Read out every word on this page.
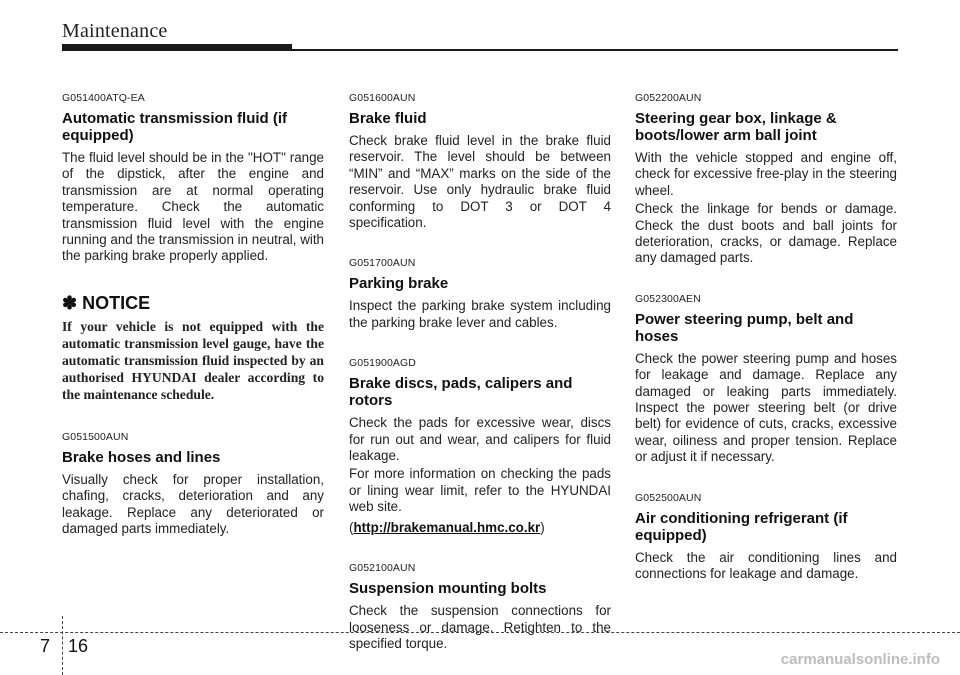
Maintenance

G051400ATQ-EA

Automatic transmission fluid (if equipped)

The fluid level should be in the "HOT" range of the dipstick, after the engine and transmission are at normal operating temperature. Check the automatic transmission fluid level with the engine running and the transmission in neutral, with the parking brake properly applied.

✽ NOTICE

If your vehicle is not equipped with the automatic transmission level gauge, have the automatic transmission fluid inspected by an authorised HYUNDAI dealer according to the maintenance schedule.

G051500AUN

Brake hoses and lines

Visually check for proper installation, chafing, cracks, deterioration and any leakage. Replace any deteriorated or damaged parts immediately.

G051600AUN

Brake fluid

Check brake fluid level in the brake fluid reservoir. The level should be between “MIN” and “MAX” marks on the side of the reservoir. Use only hydraulic brake fluid conforming to DOT 3 or DOT 4 specification.

G051700AUN

Parking brake

Inspect the parking brake system including the parking brake lever and cables.

G051900AGD

Brake discs, pads, calipers and rotors

Check the pads for excessive wear, discs for run out and wear, and calipers for fluid leakage.

For more information on checking the pads or lining wear limit, refer to the HYUNDAI web site.

(http://brakemanual.hmc.co.kr)

G052100AUN

Suspension mounting bolts

Check the suspension connections for looseness or damage. Retighten to the specified torque.

G052200AUN

Steering gear box, linkage & boots/lower arm ball joint

With the vehicle stopped and engine off, check for excessive free-play in the steering wheel.

Check the linkage for bends or damage. Check the dust boots and ball joints for deterioration, cracks, or damage. Replace any damaged parts.

G052300AEN

Power steering pump, belt and hoses

Check the power steering pump and hoses for leakage and damage. Replace any damaged or leaking parts immediately. Inspect the power steering belt (or drive belt) for evidence of cuts, cracks, excessive wear, oiliness and proper tension. Replace or adjust it if necessary.

G052500AUN

Air conditioning refrigerant (if equipped)

Check the air conditioning lines and connections for leakage and damage.

7 16
carmanualsonline.info
